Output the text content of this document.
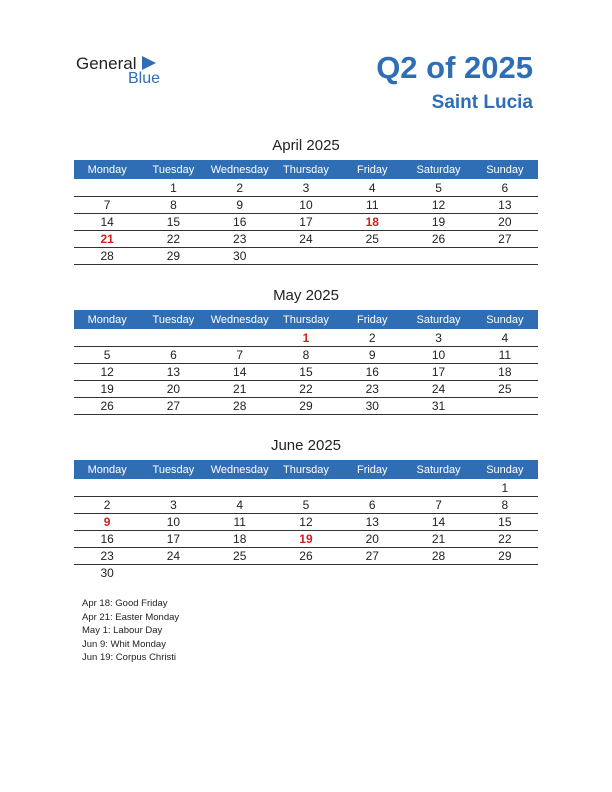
General
Blue	Q2 of 2025
Saint Lucia
April 2025
Monday	Tuesday	Wednesday	Thursday	Friday	Saturday	Sunday
	1	2	3	4	5	6
7	8	9	10	11	12	13
14	15	16	17	18	19	20
21	22	23	24	25	26	27
28	29	30				
May 2025
Monday	Tuesday	Wednesday	Thursday	Friday	Saturday	Sunday
			1	2	3	4
5	6	7	8	9	10	11
12	13	14	15	16	17	18
19	20	21	22	23	24	25
26	27	28	29	30	31	
June 2025
Monday	Tuesday	Wednesday	Thursday	Friday	Saturday	Sunday
						1
2	3	4	5	6	7	8
9	10	11	12	13	14	15
16	17	18	19	20	21	22
23	24	25	26	27	28	29
30						
Apr 18: Good Friday
Apr 21: Easter Monday
May 1: Labour Day
Jun 9: Whit Monday
Jun 19: Corpus Christi
